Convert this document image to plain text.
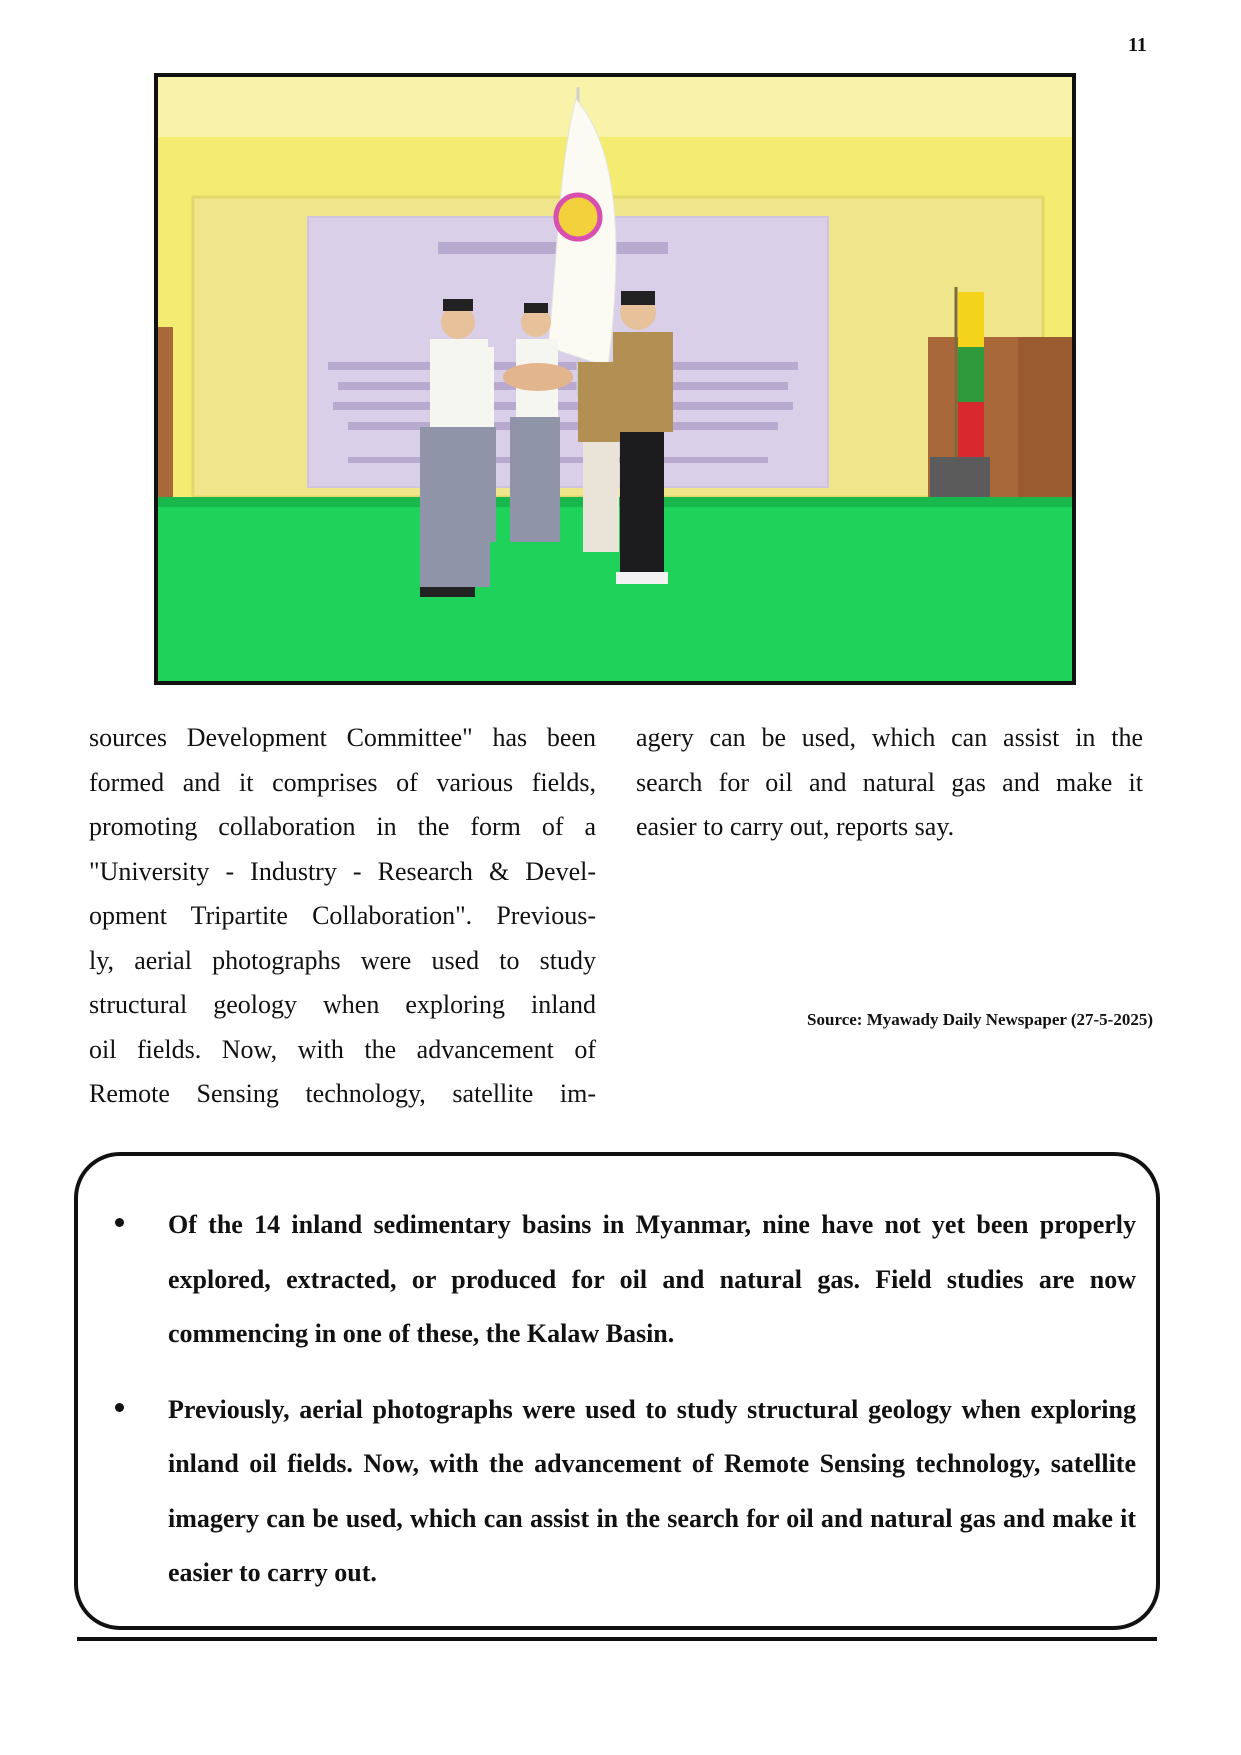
11

sources Development Committee" has been

formed and it comprises of various fields,

promoting collaboration in the form of a

"University - Industry - Research & Devel-

opment Tripartite Collaboration". Previous-

ly, aerial photographs were used to study

structural geology when exploring inland

oil fields. Now, with the advancement of

Remote Sensing technology, satellite im-

agery can be used, which can assist in the

search for oil and natural gas and make it

easier to carry out, reports say.

Source: Myawady Daily Newspaper (27-5-2025)
Of the 14 inland sedimentary basins in Myanmar, nine have not yet been properly explored, extracted, or produced for oil and natural gas. Field studies are now commencing in one of these, the Kalaw Basin.
Previously, aerial photographs were used to study structural geology when exploring inland oil fields. Now, with the advancement of Remote Sensing technology, satellite imagery can be used, which can assist in the search for oil and natural gas and make it easier to carry out.
